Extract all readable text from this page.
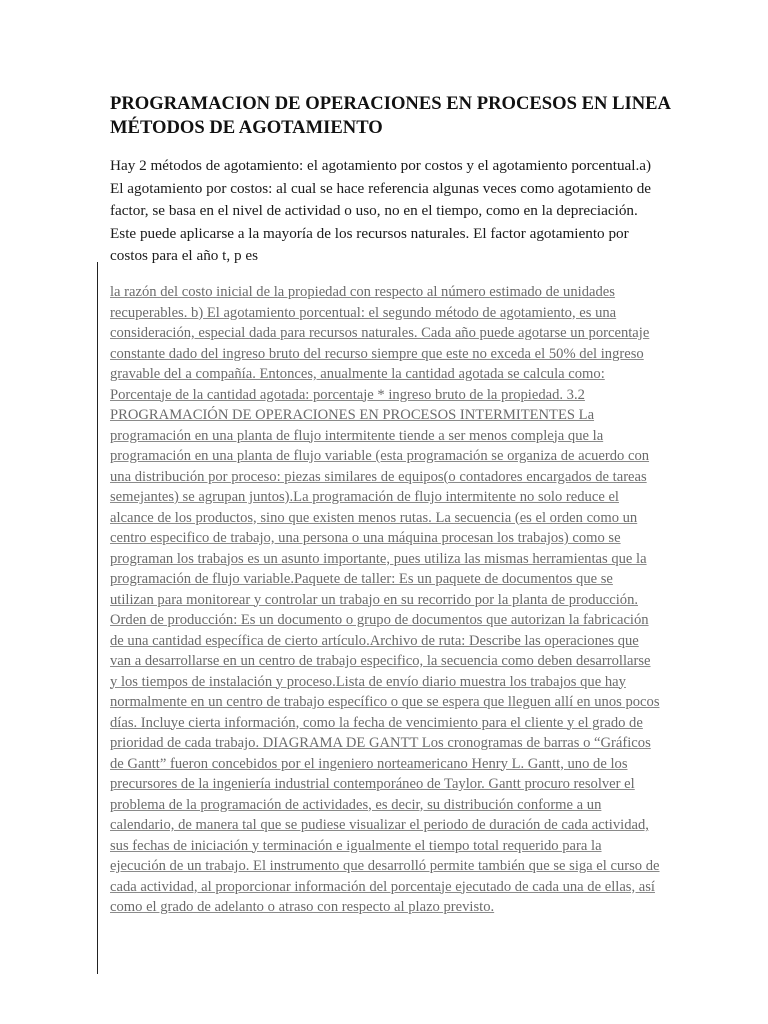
PROGRAMACION DE OPERACIONES EN PROCESOS EN LINEA
MÉTODOS DE AGOTAMIENTO

Hay 2 métodos de agotamiento: el agotamiento por costos y el agotamiento porcentual.a) El agotamiento por costos: al cual se hace referencia algunas veces como agotamiento de factor, se basa en el nivel de actividad o uso, no en el tiempo, como en la depreciación. Este puede aplicarse a la mayoría de los recursos naturales. El factor agotamiento por costos para el año t, p es

la razón del costo inicial de la propiedad con respecto al número estimado de unidades recuperables. b) El agotamiento porcentual: el segundo método de agotamiento, es una consideración, especial dada para recursos naturales. Cada año puede agotarse un porcentaje constante dado del ingreso bruto del recurso siempre que este no exceda el 50% del ingreso gravable del a compañía. Entonces, anualmente la cantidad agotada se calcula como: Porcentaje de la cantidad agotada: porcentaje * ingreso bruto de la propiedad. 3.2 PROGRAMACIÓN DE OPERACIONES EN PROCESOS INTERMITENTES La programación en una planta de flujo intermitente tiende a ser menos compleja que la programación en una planta de flujo variable (esta programación se organiza de acuerdo con una distribución por proceso: piezas similares de equipos(o contadores encargados de tareas semejantes) se agrupan juntos).La programación de flujo intermitente no solo reduce el alcance de los productos, sino que existen menos rutas. La secuencia (es el orden como un centro especifico de trabajo, una persona o una máquina procesan los trabajos) como se programan los trabajos es un asunto importante, pues utiliza las mismas herramientas que la programación de flujo variable.Paquete de taller: Es un paquete de documentos que se utilizan para monitorear y controlar un trabajo en su recorrido por la planta de producción. Orden de producción: Es un documento o grupo de documentos que autorizan la fabricación de una cantidad específica de cierto artículo.Archivo de ruta: Describe las operaciones que van a desarrollarse en un centro de trabajo especifico, la secuencia como deben desarrollarse y los tiempos de instalación y proceso.Lista de envío diario muestra los trabajos que hay normalmente en un centro de trabajo específico o que se espera que lleguen allí en unos pocos días. Incluye cierta información, como la fecha de vencimiento para el cliente y el grado de prioridad de cada trabajo. DIAGRAMA DE GANTT Los cronogramas de barras o “Gráficos de Gantt” fueron concebidos por el ingeniero norteamericano Henry L. Gantt, uno de los precursores de la ingeniería industrial contemporáneo de Taylor. Gantt procuro resolver el problema de la programación de actividades, es decir, su distribución conforme a un calendario, de manera tal que se pudiese visualizar el periodo de duración de cada actividad, sus fechas de iniciación y terminación e igualmente el tiempo total requerido para la ejecución de un trabajo. El instrumento que desarrolló permite también que se siga el curso de cada actividad, al proporcionar información del porcentaje ejecutado de cada una de ellas, así como el grado de adelanto o atraso con respecto al plazo previsto.
